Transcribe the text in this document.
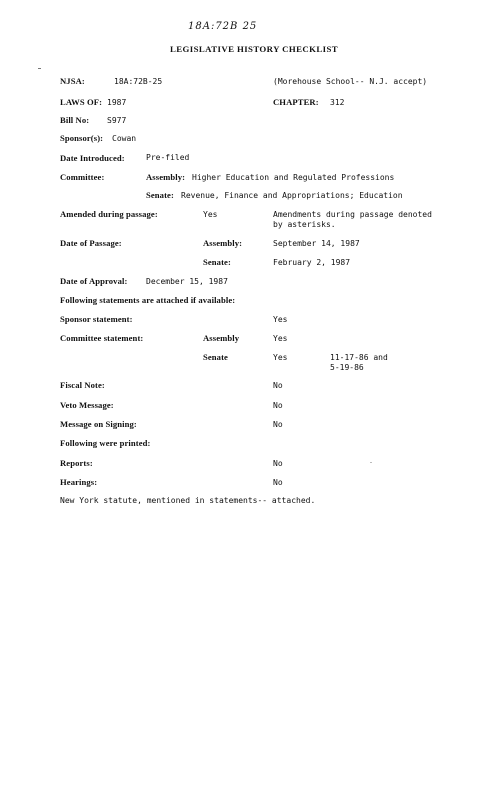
18A:72B 25
LEGISLATIVE HISTORY CHECKLIST
NJSA:	18A:72B-25	(Morehouse School-- N.J. accept)
LAWS OF: 1987	CHAPTER: 312
Bill No: S977
Sponsor(s): Cowan
Date Introduced:	Pre-filed
Committee:	Assembly: Higher Education and Regulated Professions
Senate: Revenue, Finance and Appropriations; Education
Amended during passage:	Yes	Amendments during passage denoted
by asterisks.
Date of Passage:	Assembly:	September 14, 1987
Senate:	February 2, 1987
Date of Approval: December 15, 1987
Following statements are attached if available:
Sponsor statement:	Yes
Committee statement:	Assembly	Yes
Senate	Yes	11-17-86 and
5-19-86
Fiscal Note:	No
Veto Message:	No
Message on Signing:	No
Following were printed:
Reports:	No
Hearings:	No
New York statute, mentioned in statements-- attached.
